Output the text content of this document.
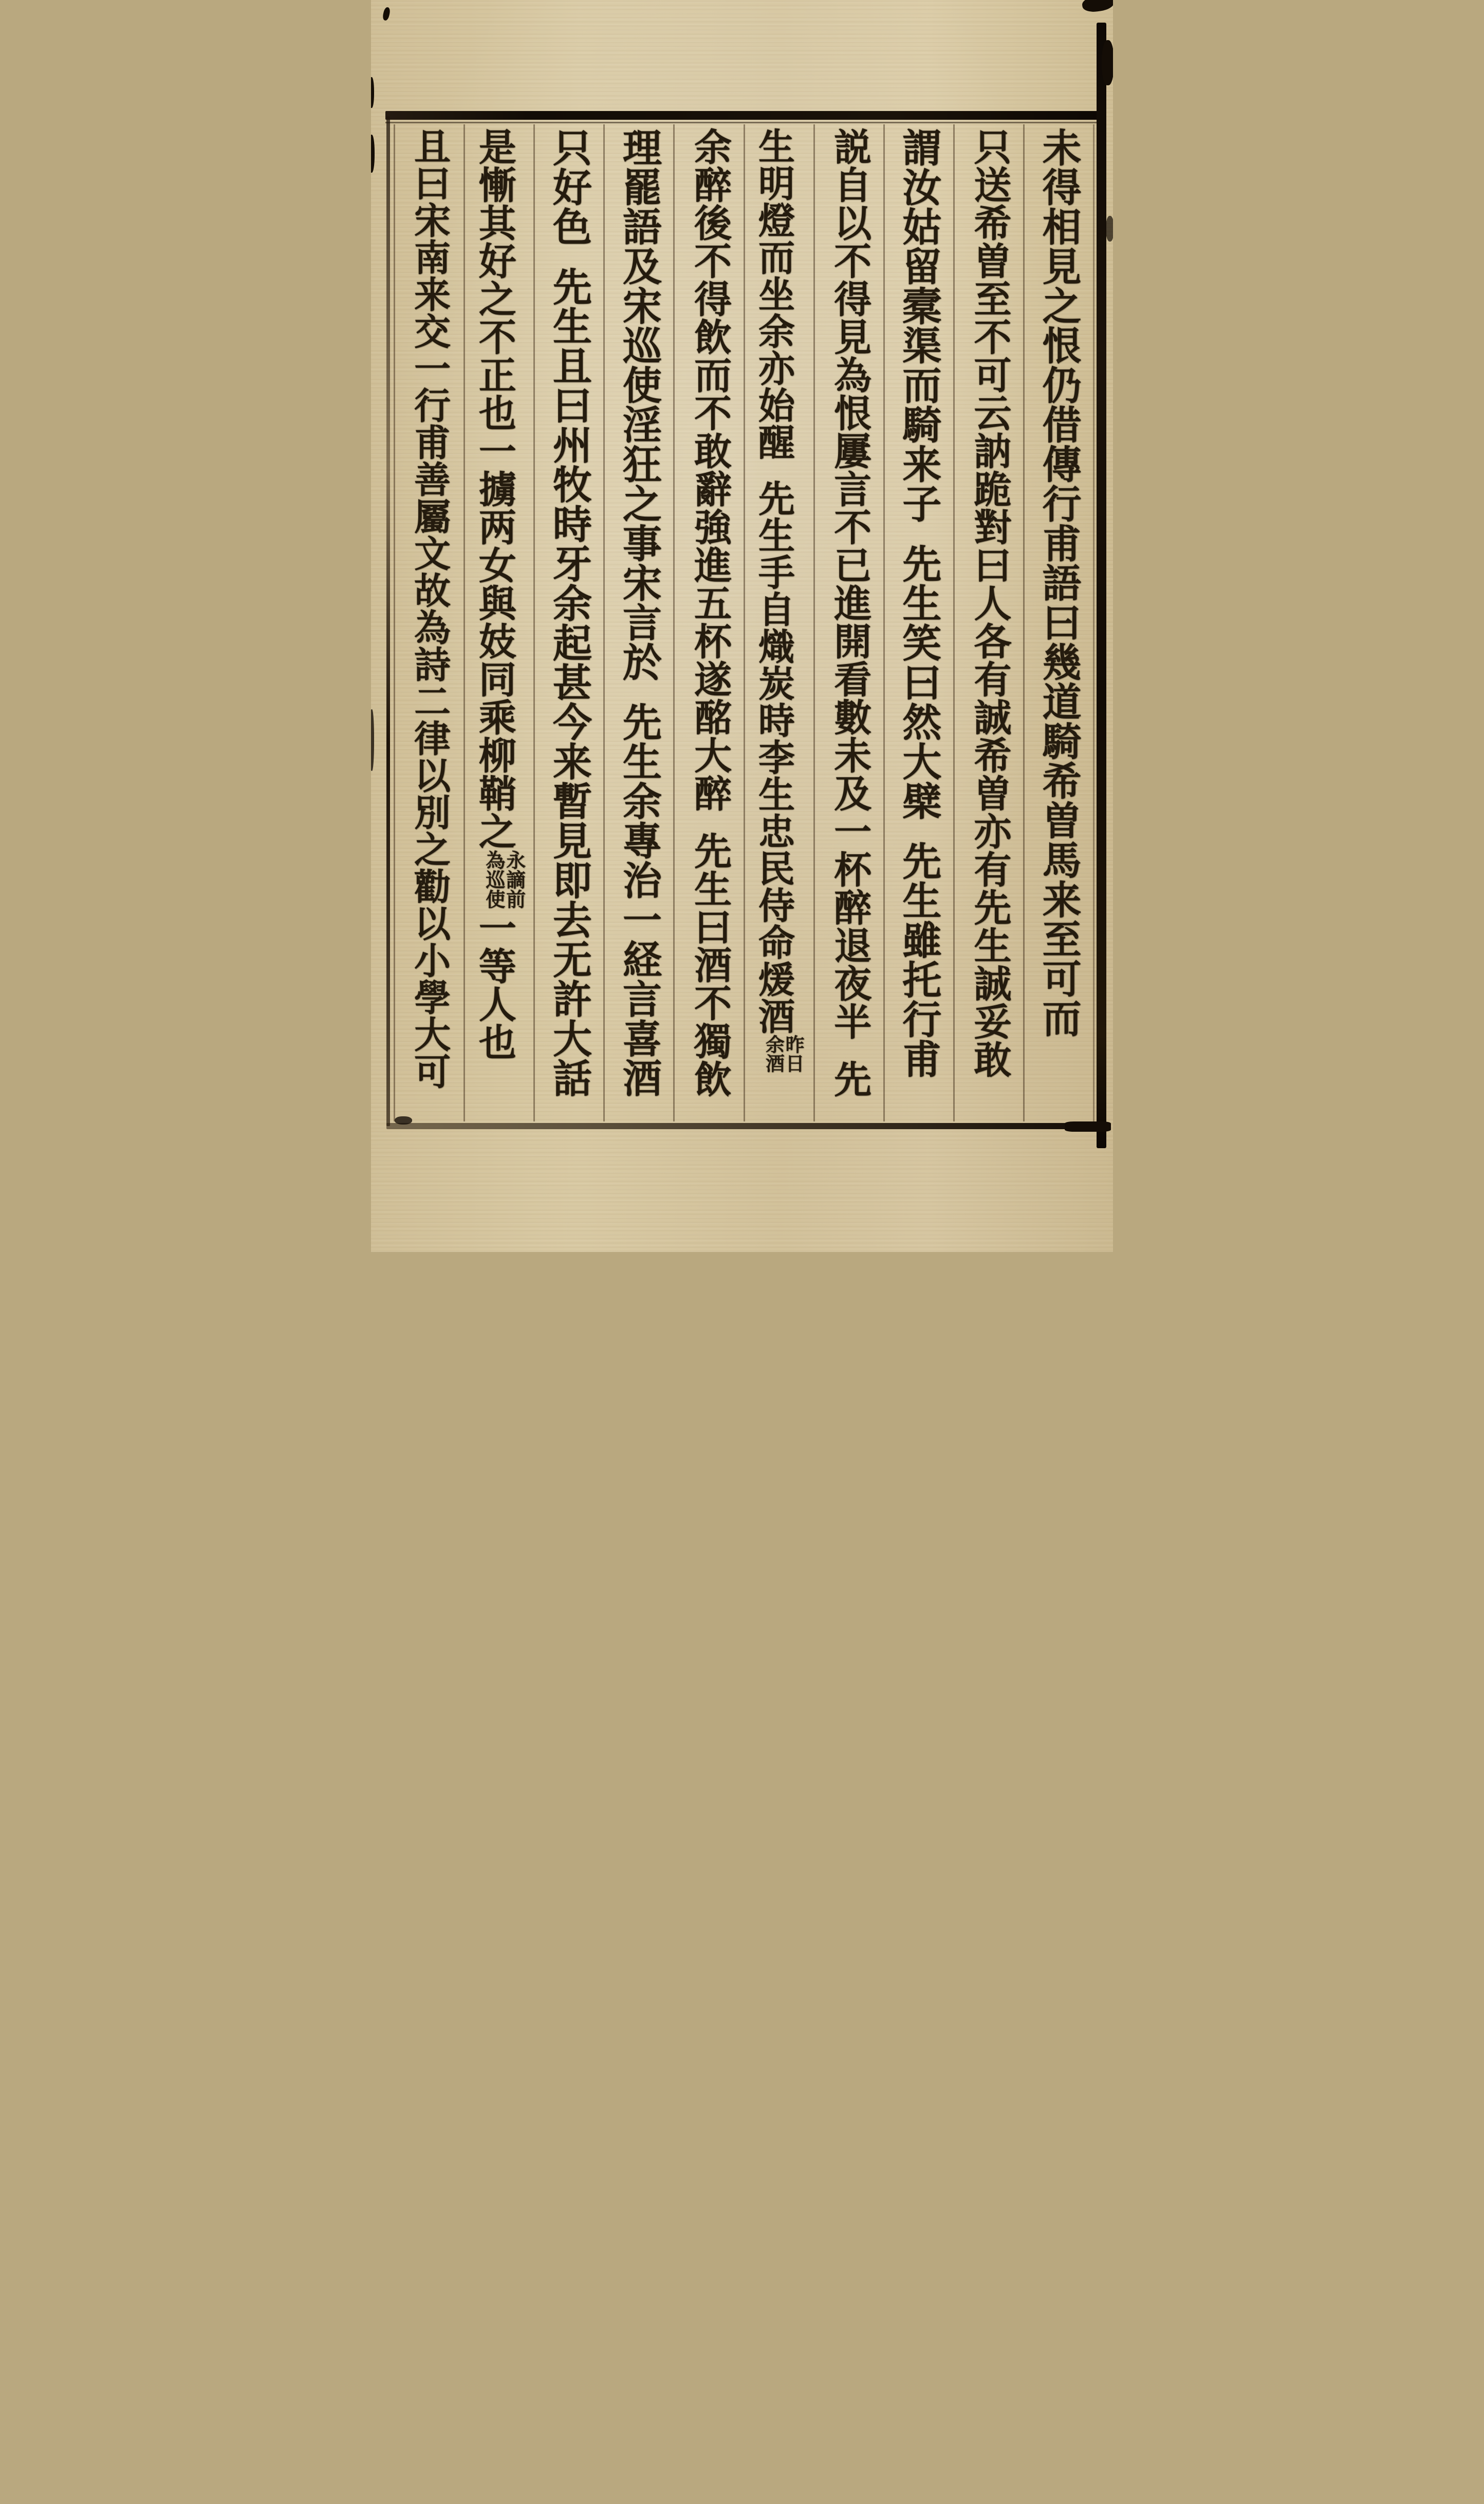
未得相見之恨仍借傳行甫語曰幾道騎希曽馬来至可而
只送希曽至不可云訥跪對曰人各有誠希曽亦有先生誠妥敢
謂汝姑留槖渠而騎来子先生笑曰然大檗先生雖托行甫
説自以不得見為恨屢言不已進開看數未及一杯醉退夜半先
生明燈而坐余亦始醒先生手自熾炭時李生忠民侍命煖酒
昨日
余酒
余醉後不得飲而不敢辭強進五杯遂酩大醉先生曰酒不獨飲
理罷語及宋巡使淫狂之事宋言於先生余專治一経言喜酒
只好色先生且曰州牧時牙余起甚今来暫見即去无許大話
是慚其好之不正也一擄两女與妓同乘柳鞘之
永謫前
為巡使
一等人也
且曰宋南来交一行甫善屬文故為詩二律以別之勸以小學大可
